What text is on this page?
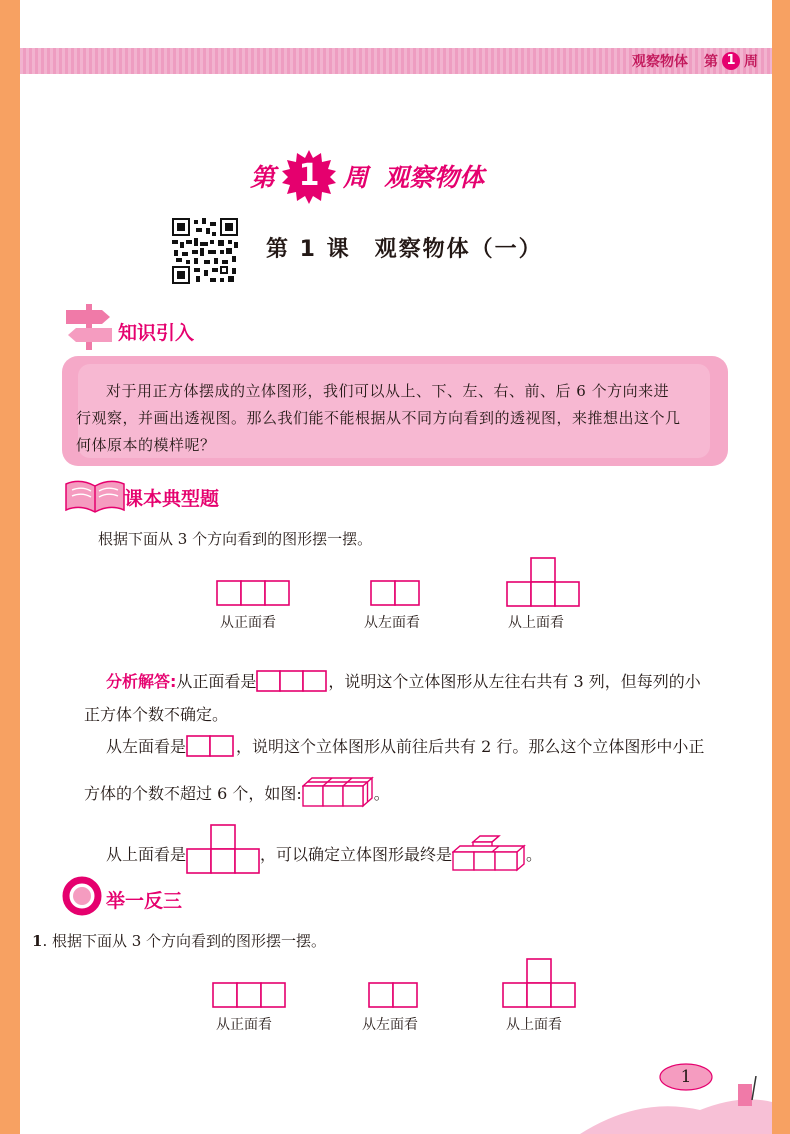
观察物体 第 1 周
第 1 周 观察物体
第 1 课　观察物体（一）
知识引入
对于用正方体摆成的立体图形，我们可以从上、下、左、右、前、后 6 个方向来进行观察，并画出透视图。那么我们能不能根据从不同方向看到的透视图，来推想出这个几何体原本的模样呢？
课本典型题
根据下面从 3 个方向看到的图形摆一摆。
从正面看	从左面看	从上面看
分析解答:从正面看是	，说明这个立体图形从左往右共有 3 列，但每列的小
正方体个数不确定。
从左面看是	，说明这个立体图形从前往后共有 2 行。那么这个立体图形中小正
方体的个数不超过 6 个，如图:	。
从上面看是	，可以确定立体图形最终是	。
举一反三
1. 根据下面从 3 个方向看到的图形摆一摆。
从正面看	从左面看	从上面看
1
